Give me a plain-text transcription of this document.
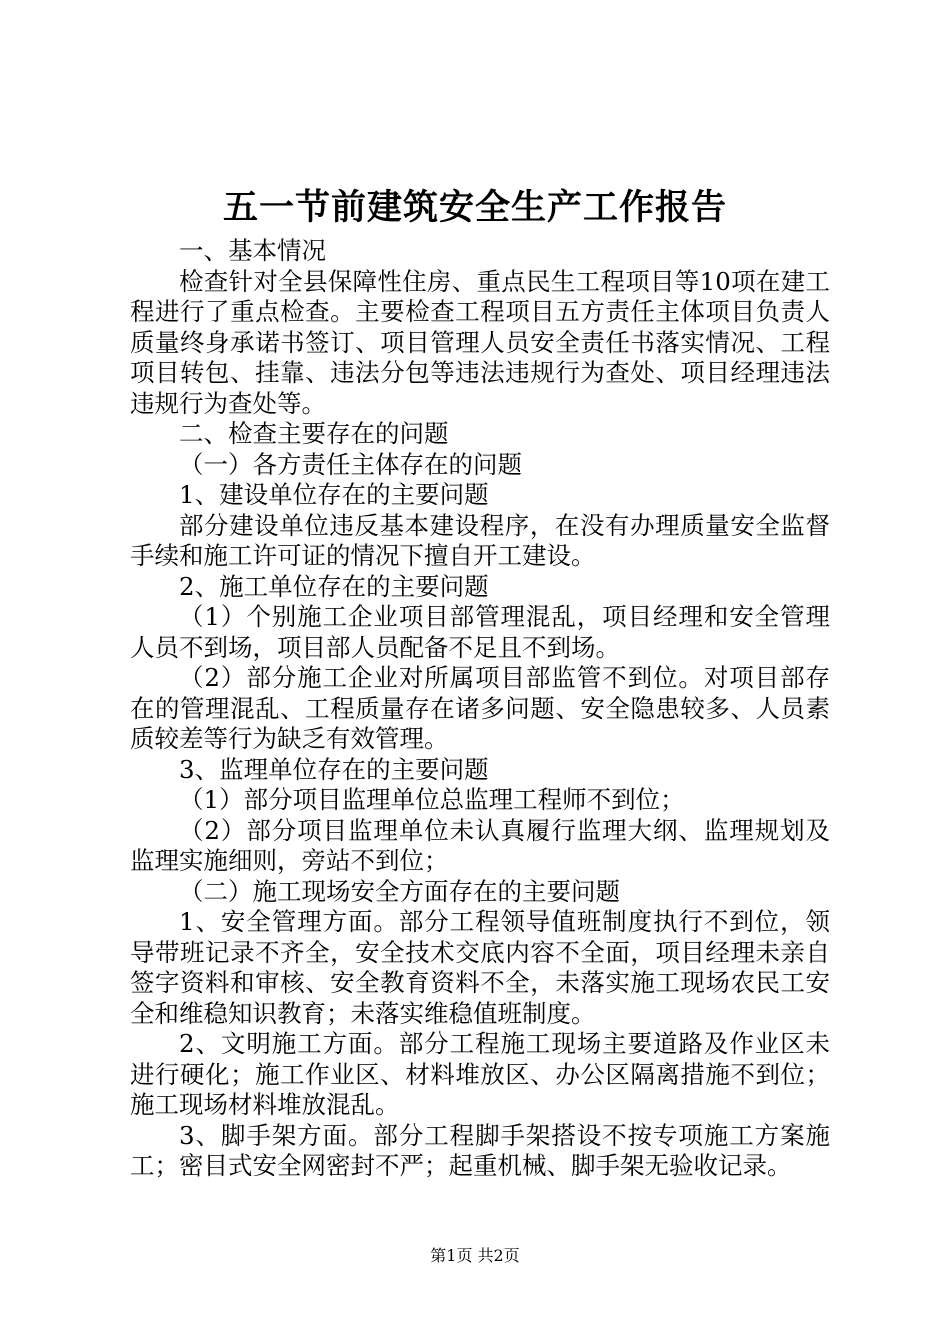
五一节前建筑安全生产工作报告

一、基本情况

检查针对全县保障性住房、重点民生工程项目等10项在建工程进行了重点检查。主要检查工程项目五方责任主体项目负责人质量终身承诺书签订、项目管理人员安全责任书落实情况、工程项目转包、挂靠、违法分包等违法违规行为查处、项目经理违法违规行为查处等。

二、检查主要存在的问题

（一）各方责任主体存在的问题

1、建设单位存在的主要问题

部分建设单位违反基本建设程序，在没有办理质量安全监督手续和施工许可证的情况下擅自开工建设。

2、施工单位存在的主要问题

（1）个别施工企业项目部管理混乱，项目经理和安全管理人员不到场，项目部人员配备不足且不到场。

（2）部分施工企业对所属项目部监管不到位。对项目部存在的管理混乱、工程质量存在诸多问题、安全隐患较多、人员素质较差等行为缺乏有效管理。

3、监理单位存在的主要问题

（1）部分项目监理单位总监理工程师不到位；

（2）部分项目监理单位未认真履行监理大纲、监理规划及监理实施细则，旁站不到位；

（二）施工现场安全方面存在的主要问题

1、安全管理方面。部分工程领导值班制度执行不到位，领导带班记录不齐全，安全技术交底内容不全面，项目经理未亲自签字资料和审核、安全教育资料不全，未落实施工现场农民工安全和维稳知识教育；未落实维稳值班制度。

2、文明施工方面。部分工程施工现场主要道路及作业区未进行硬化；施工作业区、材料堆放区、办公区隔离措施不到位；施工现场材料堆放混乱。

3、脚手架方面。部分工程脚手架搭设不按专项施工方案施工；密目式安全网密封不严；起重机械、脚手架无验收记录。

第1页 共2页
